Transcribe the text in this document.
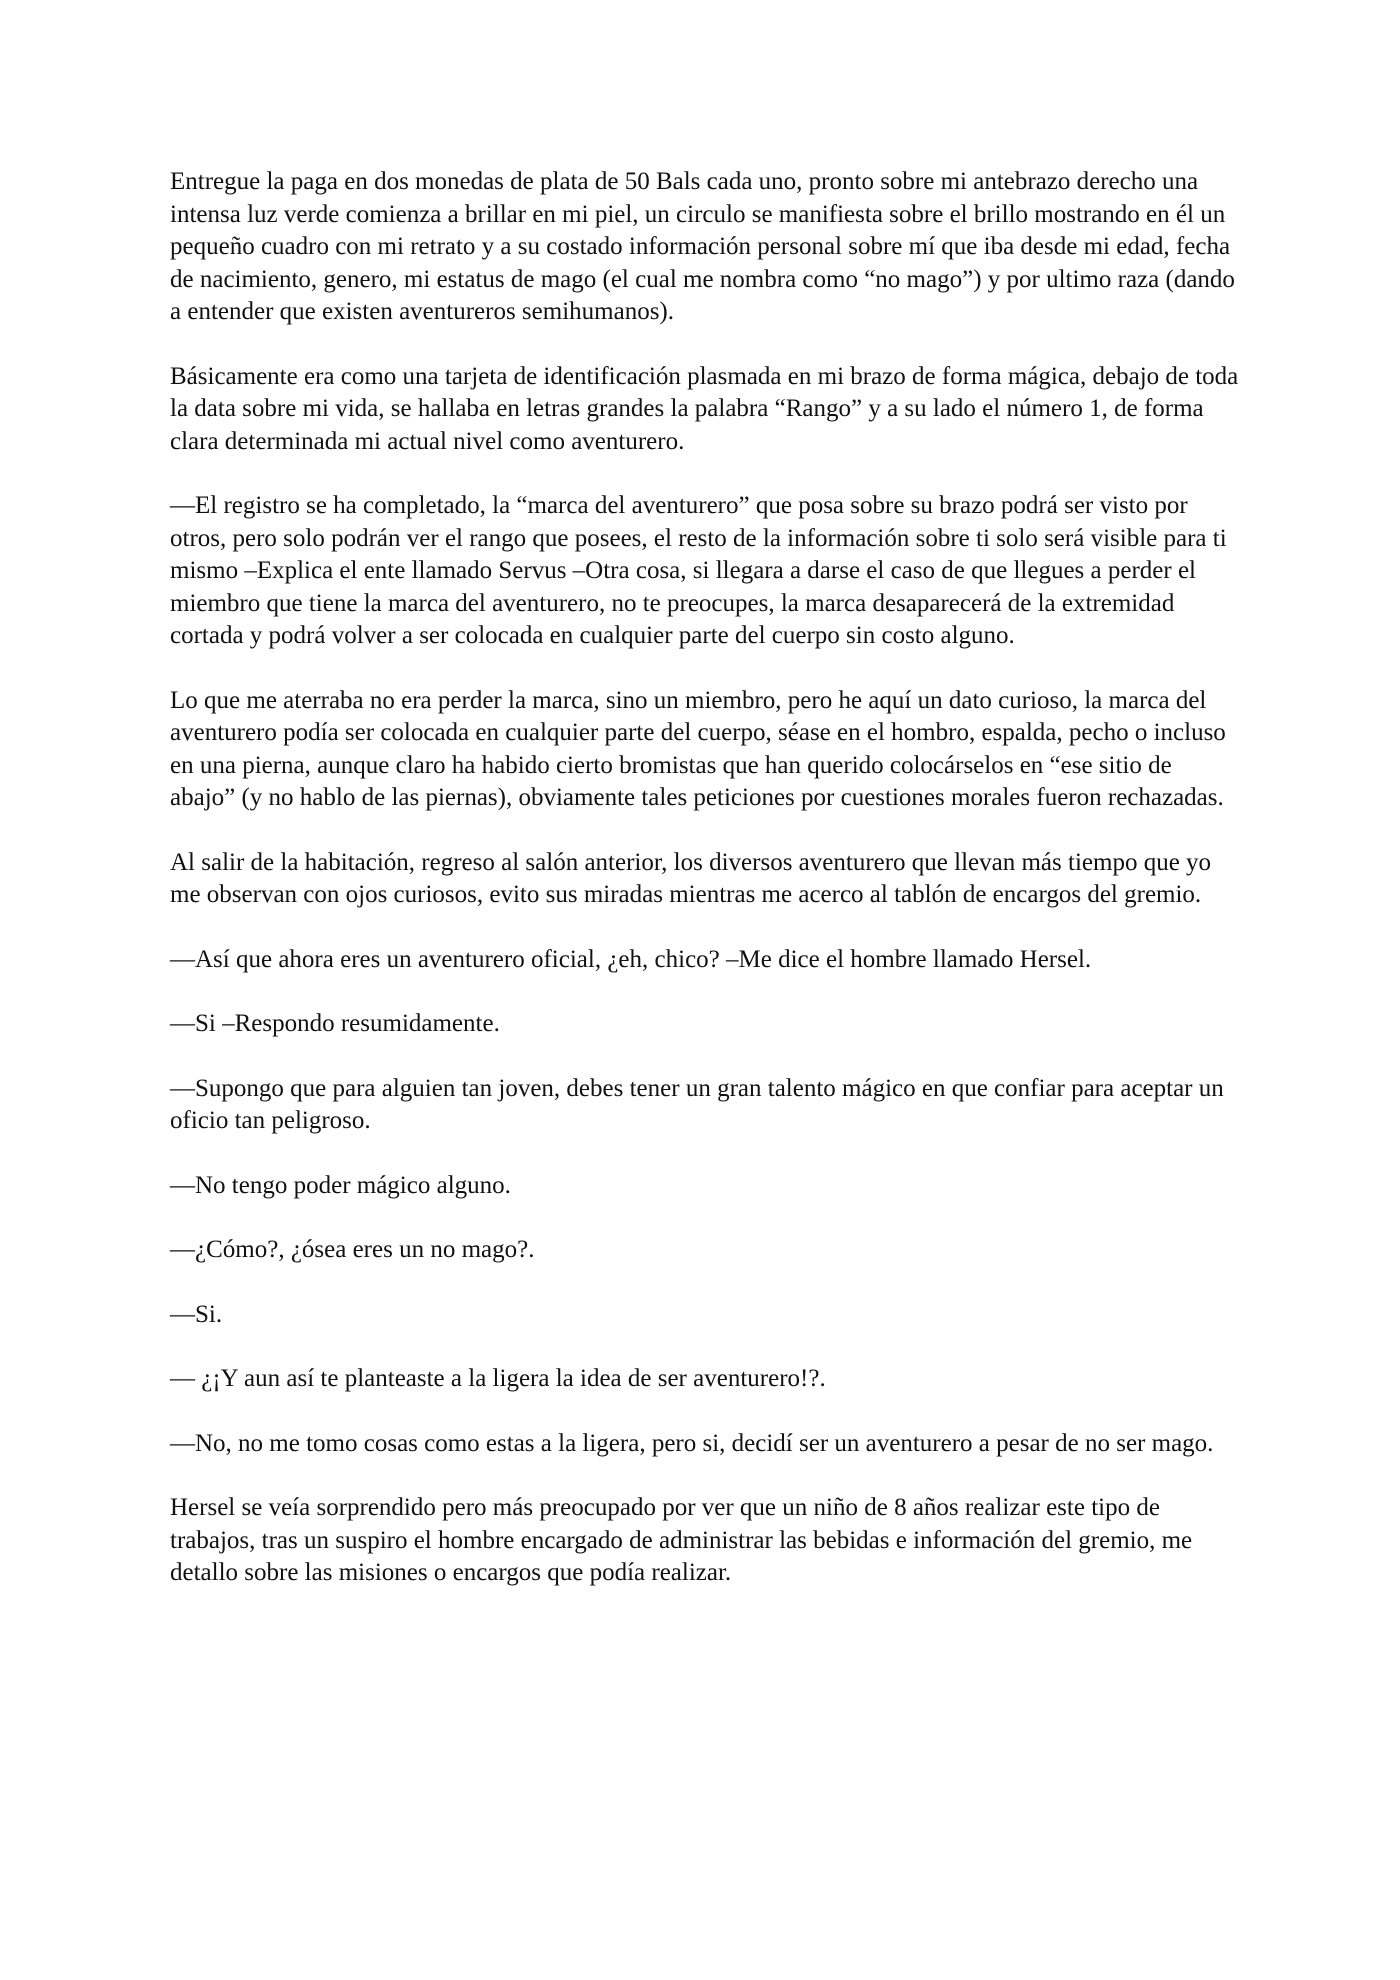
Entregue la paga en dos monedas de plata de 50 Bals cada uno, pronto sobre mi antebrazo derecho una intensa luz verde comienza a brillar en mi piel, un circulo se manifiesta sobre el brillo mostrando en él un pequeño cuadro con mi retrato y a su costado información personal sobre mí que iba desde mi edad, fecha de nacimiento, genero, mi estatus de mago (el cual me nombra como “no mago”) y por ultimo raza (dando a entender que existen aventureros semihumanos).

Básicamente era como una tarjeta de identificación plasmada en mi brazo de forma mágica, debajo de toda la data sobre mi vida, se hallaba en letras grandes la palabra “Rango” y a su lado el número 1, de forma clara determinada mi actual nivel como aventurero.

—El registro se ha completado, la “marca del aventurero” que posa sobre su brazo podrá ser visto por otros, pero solo podrán ver el rango que posees, el resto de la información sobre ti solo será visible para ti mismo –Explica el ente llamado Servus –Otra cosa, si llegara a darse el caso de que llegues a perder el miembro que tiene la marca del aventurero, no te preocupes, la marca desaparecerá de la extremidad cortada y podrá volver a ser colocada en cualquier parte del cuerpo sin costo alguno.

Lo que me aterraba no era perder la marca, sino un miembro, pero he aquí un dato curioso, la marca del aventurero podía ser colocada en cualquier parte del cuerpo, séase en el hombro, espalda, pecho o incluso en una pierna, aunque claro ha habido cierto bromistas que han querido colocárselos en “ese sitio de abajo” (y no hablo de las piernas), obviamente tales peticiones por cuestiones morales fueron rechazadas.

Al salir de la habitación, regreso al salón anterior, los diversos aventurero que llevan más tiempo que yo me observan con ojos curiosos, evito sus miradas mientras me acerco al tablón de encargos del gremio.

—Así que ahora eres un aventurero oficial, ¿eh, chico? –Me dice el hombre llamado Hersel.

—Si –Respondo resumidamente.

—Supongo que para alguien tan joven, debes tener un gran talento mágico en que confiar para aceptar un oficio tan peligroso.

—No tengo poder mágico alguno.

—¿Cómo?, ¿ósea eres un no mago?.

—Si.

— ¿¡Y aun así te planteaste a la ligera la idea de ser aventurero!?.

—No, no me tomo cosas como estas a la ligera, pero si, decidí ser un aventurero a pesar de no ser mago.

Hersel se veía sorprendido pero más preocupado por ver que un niño de 8 años realizar este tipo de trabajos, tras un suspiro el hombre encargado de administrar las bebidas e información del gremio, me detallo sobre las misiones o encargos que podía realizar.
